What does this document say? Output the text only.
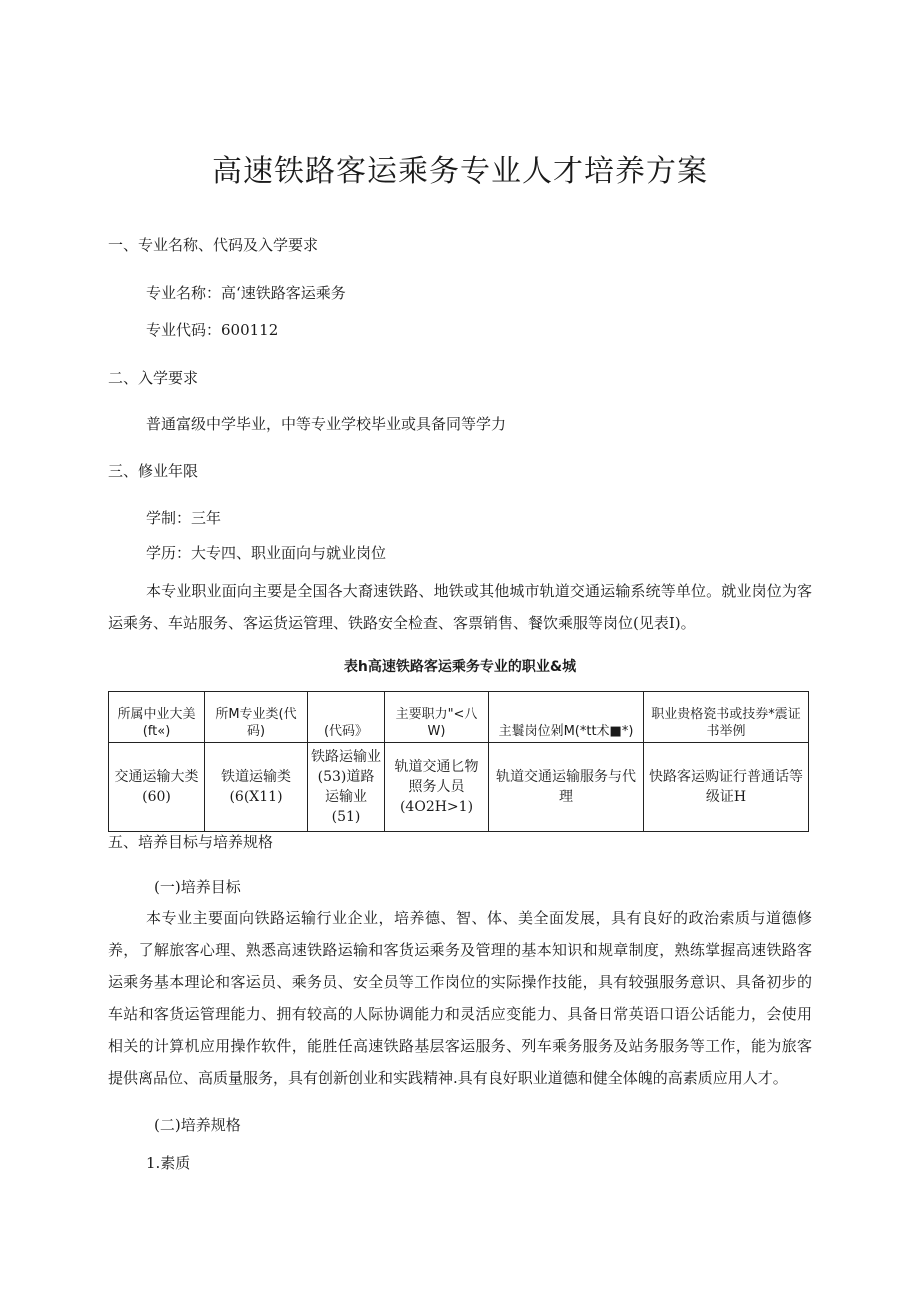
高速铁路客运乘务专业人才培养方案
一、专业名称、代码及入学要求
专业名称：高‘速铁路客运乘务
专业代码：600112
二、入学要求
普通富级中学毕业，中等专业学校毕业或具备同等学力
三、修业年限
学制：三年
学历：大专四、职业面向与就业岗位

本专业职业面向主要是全国各大裔速铁路、地铁或其他城市轨道交通运输系统等单位。就业岗位为客运乘务、车站服务、客运货运管理、铁路安全检查、客票销售、餐饮乘服等岗位(见表I)。

表h高速铁路客运乘务专业的职业&城
所属中业大美(ft«)	所M专业类(代码)	(代码》	主要职力"<八W)	主鬟岗位剁M(*tt术■*)	职业贵格瓷书或技券*震证书举例
交通运输大类(60)	铁道运输类(6(X11)	铁路运输业(53)道路运输业(51)	轨道交通匕物照务人员(4O2H>1)	轨道交通运输服务与代理	快路客运购证行普通话等级证H
五、培养目标与培养规格
(一)培养目标

本专业主要面向铁路运输行业企业，培养德、智、体、美全面发展，具有良好的政治索质与道德修养，了解旅客心理、熟悉高速铁路运输和客货运乘务及管理的基本知识和规章制度，熟练掌握高速铁路客运乘务基本理论和客运员、乘务员、安全员等工作岗位的实际操作技能，具有较强服务意识、具备初步的车站和客货运管理能力、拥有较高的人际协调能力和灵活应变能力、具备日常英语口语公话能力，会使用相关的计算机应用操作软件，能胜任高速铁路基层客运服务、列车乘务服务及站务服务等工作，能为旅客提供离品位、高质量服务，具有创新创业和实践精神.具有良好职业道德和健全体魄的高素质应用人才。

(二)培养规格
1.素质
